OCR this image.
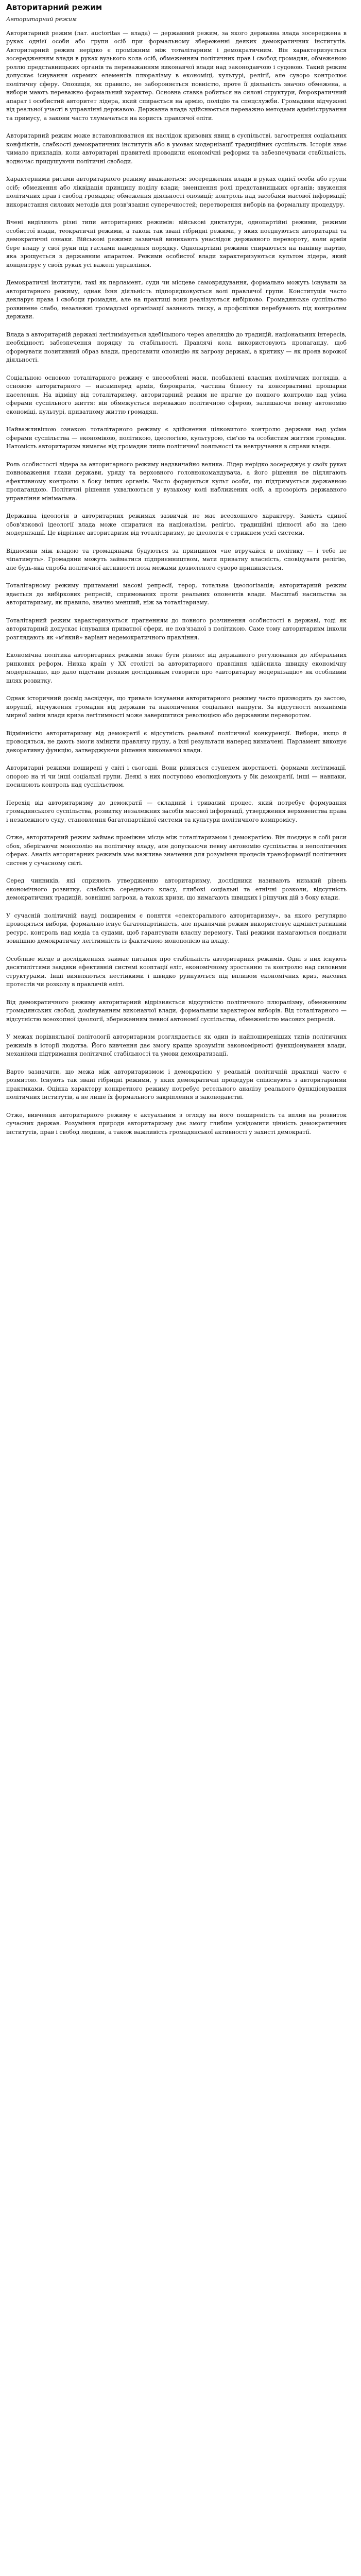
Авторитарний режим

Авторитарний режим

Авторитарний режим (лат. auctoritas — влада) — державний режим, за якого державна влада зосереджена в руках однієї особи або групи осіб при формальному збереженні деяких демократичних інститутів. Авторитарний режим нерідко є проміжним між тоталітарним і демократичним. Він характеризується зосередженням влади в руках вузького кола осіб, обмеженням політичних прав і свобод громадян, обмеженою роллю представницьких органів та переважанням виконавчої влади над законодавчою і судовою. Такий режим допускає існування окремих елементів плюралізму в економіці, культурі, релігії, але суворо контролює політичну сферу. Опозиція, як правило, не забороняється повністю, проте її діяльність значно обмежена, а вибори мають переважно формальний характер. Основна ставка робиться на силові структури, бюрократичний апарат і особистий авторитет лідера, який спирається на армію, поліцію та спецслужби. Громадяни відчужені від реальної участі в управлінні державою. Державна влада здійснюється переважно методами адміністрування та примусу, а закони часто тлумачаться на користь правлячої еліти.

Авторитарний режим може встановлюватися як наслідок кризових явищ в суспільстві, загострення соціальних конфліктів, слабкості демократичних інститутів або в умовах модернізації традиційних суспільств. Історія знає чимало прикладів, коли авторитарні правителі проводили економічні реформи та забезпечували стабільність, водночас придушуючи політичні свободи.

Характерними рисами авторитарного режиму вважаються: зосередження влади в руках однієї особи або групи осіб; обмеження або ліквідація принципу поділу влади; зменшення ролі представницьких органів; звуження політичних прав і свобод громадян; обмеження діяльності опозиції; контроль над засобами масової інформації; використання силових методів для розв'язання суперечностей; перетворення виборів на формальну процедуру.

Вчені виділяють різні типи авторитарних режимів: військові диктатури, однопартійні режими, режими особистої влади, теократичні режими, а також так звані гібридні режими, у яких поєднуються авторитарні та демократичні ознаки. Військові режими зазвичай виникають унаслідок державного перевороту, коли армія бере владу у свої руки під гаслами наведення порядку. Однопартійні режими спираються на панівну партію, яка зрощується з державним апаратом. Режими особистої влади характеризуються культом лідера, який концентрує у своїх руках усі важелі управління.

Демократичні інститути, такі як парламент, суди чи місцеве самоврядування, формально можуть існувати за авторитарного режиму, однак їхня діяльність підпорядковується волі правлячої групи. Конституція часто декларує права і свободи громадян, але на практиці вони реалізуються вибірково. Громадянське суспільство розвинене слабо, незалежні громадські організації зазнають тиску, а профспілки перебувають під контролем держави.

Влада в авторитарній державі легітимізується здебільшого через апеляцію до традицій, національних інтересів, необхідності забезпечення порядку та стабільності. Правлячі кола використовують пропаганду, щоб сформувати позитивний образ влади, представити опозицію як загрозу державі, а критику — як прояв ворожої діяльності.

Соціальною основою тоталітарного режиму є знеособлені маси, позбавлені власних політичних поглядів, а основою авторитарного — насамперед армія, бюрократія, частина бізнесу та консервативні прошарки населення. На відміну від тоталітаризму, авторитарний режим не прагне до повного контролю над усіма сферами суспільного життя: він обмежується переважно політичною сферою, залишаючи певну автономію економіці, культурі, приватному життю громадян.

Найважливішою ознакою тоталітарного режиму є здійснення цілковитого контролю держави над усіма сферами суспільства — економікою, політикою, ідеологією, культурою, сім'єю та особистим життям громадян. Натомість авторитаризм вимагає від громадян лише політичної лояльності та невтручання в справи влади.

Роль особистості лідера за авторитарного режиму надзвичайно велика. Лідер нерідко зосереджує у своїх руках повноваження глави держави, уряду та верховного головнокомандувача, а його рішення не підлягають ефективному контролю з боку інших органів. Часто формується культ особи, що підтримується державною пропагандою. Політичні рішення ухвалюються у вузькому колі наближених осіб, а прозорість державного управління мінімальна.

Державна ідеологія в авторитарних режимах зазвичай не має всеохопного характеру. Замість єдиної обов'язкової ідеології влада може спиратися на націоналізм, релігію, традиційні цінності або на ідею модернізації. Це відрізняє авторитаризм від тоталітаризму, де ідеологія є стрижнем усієї системи.

Відносини між владою та громадянами будуються за принципом «не втручайся в політику — і тебе не чіпатимуть». Громадяни можуть займатися підприємництвом, мати приватну власність, сповідувати релігію, але будь-яка спроба політичної активності поза межами дозволеного суворо припиняється.

Тоталітарному режиму притаманні масові репресії, терор, тотальна ідеологізація; авторитарний режим вдається до вибіркових репресій, спрямованих проти реальних опонентів влади. Масштаб насильства за авторитаризму, як правило, значно менший, ніж за тоталітаризму.

Тоталітарний режим характеризується прагненням до повного розчинення особистості в державі, тоді як авторитарний допускає існування приватної сфери, не пов'язаної з політикою. Саме тому авторитаризм інколи розглядають як «м'який» варіант недемократичного правління.

Економічна політика авторитарних режимів може бути різною: від державного регулювання до ліберальних ринкових реформ. Низка країн у XX столітті за авторитарного правління здійснила швидку економічну модернізацію, що дало підстави деяким дослідникам говорити про «авторитарну модернізацію» як особливий шлях розвитку.

Однак історичний досвід засвідчує, що тривале існування авторитарного режиму часто призводить до застою, корупції, відчуження громадян від держави та накопичення соціальної напруги. За відсутності механізмів мирної зміни влади криза легітимності може завершитися революцією або державним переворотом.

Відмінністю авторитаризму від демократії є відсутність реальної політичної конкуренції. Вибори, якщо й проводяться, не дають змоги змінити правлячу групу, а їхні результати наперед визначені. Парламент виконує декоративну функцію, затверджуючи рішення виконавчої влади.

Авторитарні режими поширені у світі і сьогодні. Вони різняться ступенем жорсткості, формами легітимації, опорою на ті чи інші соціальні групи. Деякі з них поступово еволюціонують у бік демократії, інші — навпаки, посилюють контроль над суспільством.

Перехід від авторитаризму до демократії — складний і тривалий процес, який потребує формування громадянського суспільства, розвитку незалежних засобів масової інформації, утвердження верховенства права і незалежного суду, становлення багатопартійної системи та культури політичного компромісу.

Отже, авторитарний режим займає проміжне місце між тоталітаризмом і демократією. Він поєднує в собі риси обох, зберігаючи монополію на політичну владу, але допускаючи певну автономію суспільства в неполітичних сферах. Аналіз авторитарних режимів має важливе значення для розуміння процесів трансформації політичних систем у сучасному світі.

Серед чинників, які сприяють утвердженню авторитаризму, дослідники називають низький рівень економічного розвитку, слабкість середнього класу, глибокі соціальні та етнічні розколи, відсутність демократичних традицій, зовнішні загрози, а також кризи, що вимагають швидких і рішучих дій з боку влади.

У сучасній політичній науці поширеним є поняття «електорального авторитаризму», за якого регулярно проводяться вибори, формально існує багатопартійність, але правлячий режим використовує адміністративний ресурс, контроль над медіа та судами, щоб гарантувати власну перемогу. Такі режими намагаються поєднати зовнішню демократичну легітимність із фактичною монополією на владу.

Особливе місце в дослідженнях займає питання про стабільність авторитарних режимів. Одні з них існують десятиліттями завдяки ефективній системі кооптації еліт, економічному зростанню та контролю над силовими структурами. Інші виявляються нестійкими і швидко руйнуються під впливом економічних криз, масових протестів чи розколу в правлячій еліті.

Від демократичного режиму авторитарний відрізняється відсутністю політичного плюралізму, обмеженням громадянських свобод, домінуванням виконавчої влади, формальним характером виборів. Від тоталітарного — відсутністю всеохопної ідеології, збереженням певної автономії суспільства, обмеженістю масових репресій.

У межах порівняльної політології авторитаризм розглядається як один із найпоширеніших типів політичних режимів в історії людства. Його вивчення дає змогу краще зрозуміти закономірності функціонування влади, механізми підтримання політичної стабільності та умови демократизації.

Варто зазначити, що межа між авторитаризмом і демократією у реальній політичній практиці часто є розмитою. Існують так звані гібридні режими, у яких демократичні процедури співіснують з авторитарними практиками. Оцінка характеру конкретного режиму потребує ретельного аналізу реального функціонування політичних інститутів, а не лише їх формального закріплення в законодавстві.

Отже, вивчення авторитарного режиму є актуальним з огляду на його поширеність та вплив на розвиток сучасних держав. Розуміння природи авторитаризму дає змогу глибше усвідомити цінність демократичних інститутів, прав і свобод людини, а також важливість громадянської активності у захисті демократії.
